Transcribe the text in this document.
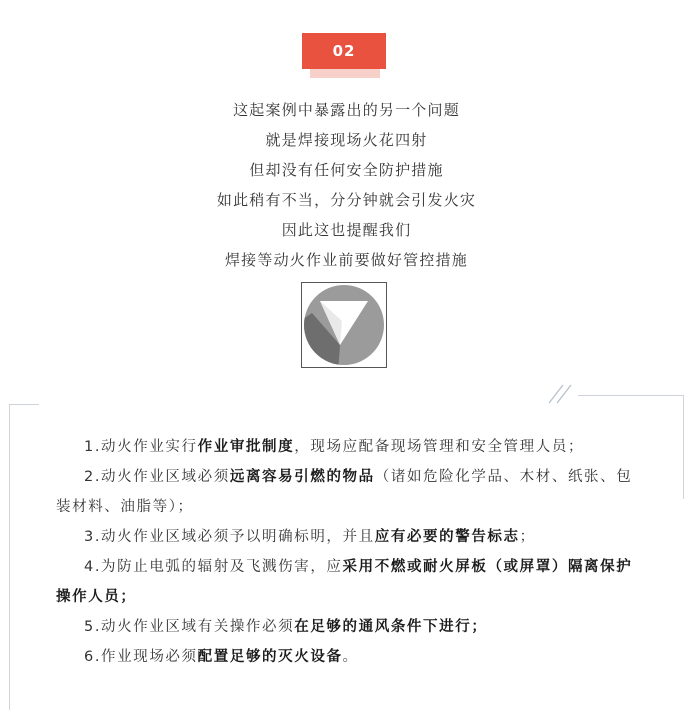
02
这起案例中暴露出的另一个问题
就是焊接现场火花四射
但却没有任何安全防护措施
如此稍有不当，分分钟就会引发火灾
因此这也提醒我们
焊接等动火作业前要做好管控措施

1.动火作业实行作业审批制度，现场应配备现场管理和安全管理人员；

2.动火作业区域必须远离容易引燃的物品（诸如危险化学品、木材、纸张、包装材料、油脂等）；

3.动火作业区域必须予以明确标明，并且应有必要的警告标志；

4.为防止电弧的辐射及飞溅伤害，应采用不燃或耐火屏板（或屏罩）隔离保护操作人员；

5.动火作业区域有关操作必须在足够的通风条件下进行；

6.作业现场必须配置足够的灭火设备。
